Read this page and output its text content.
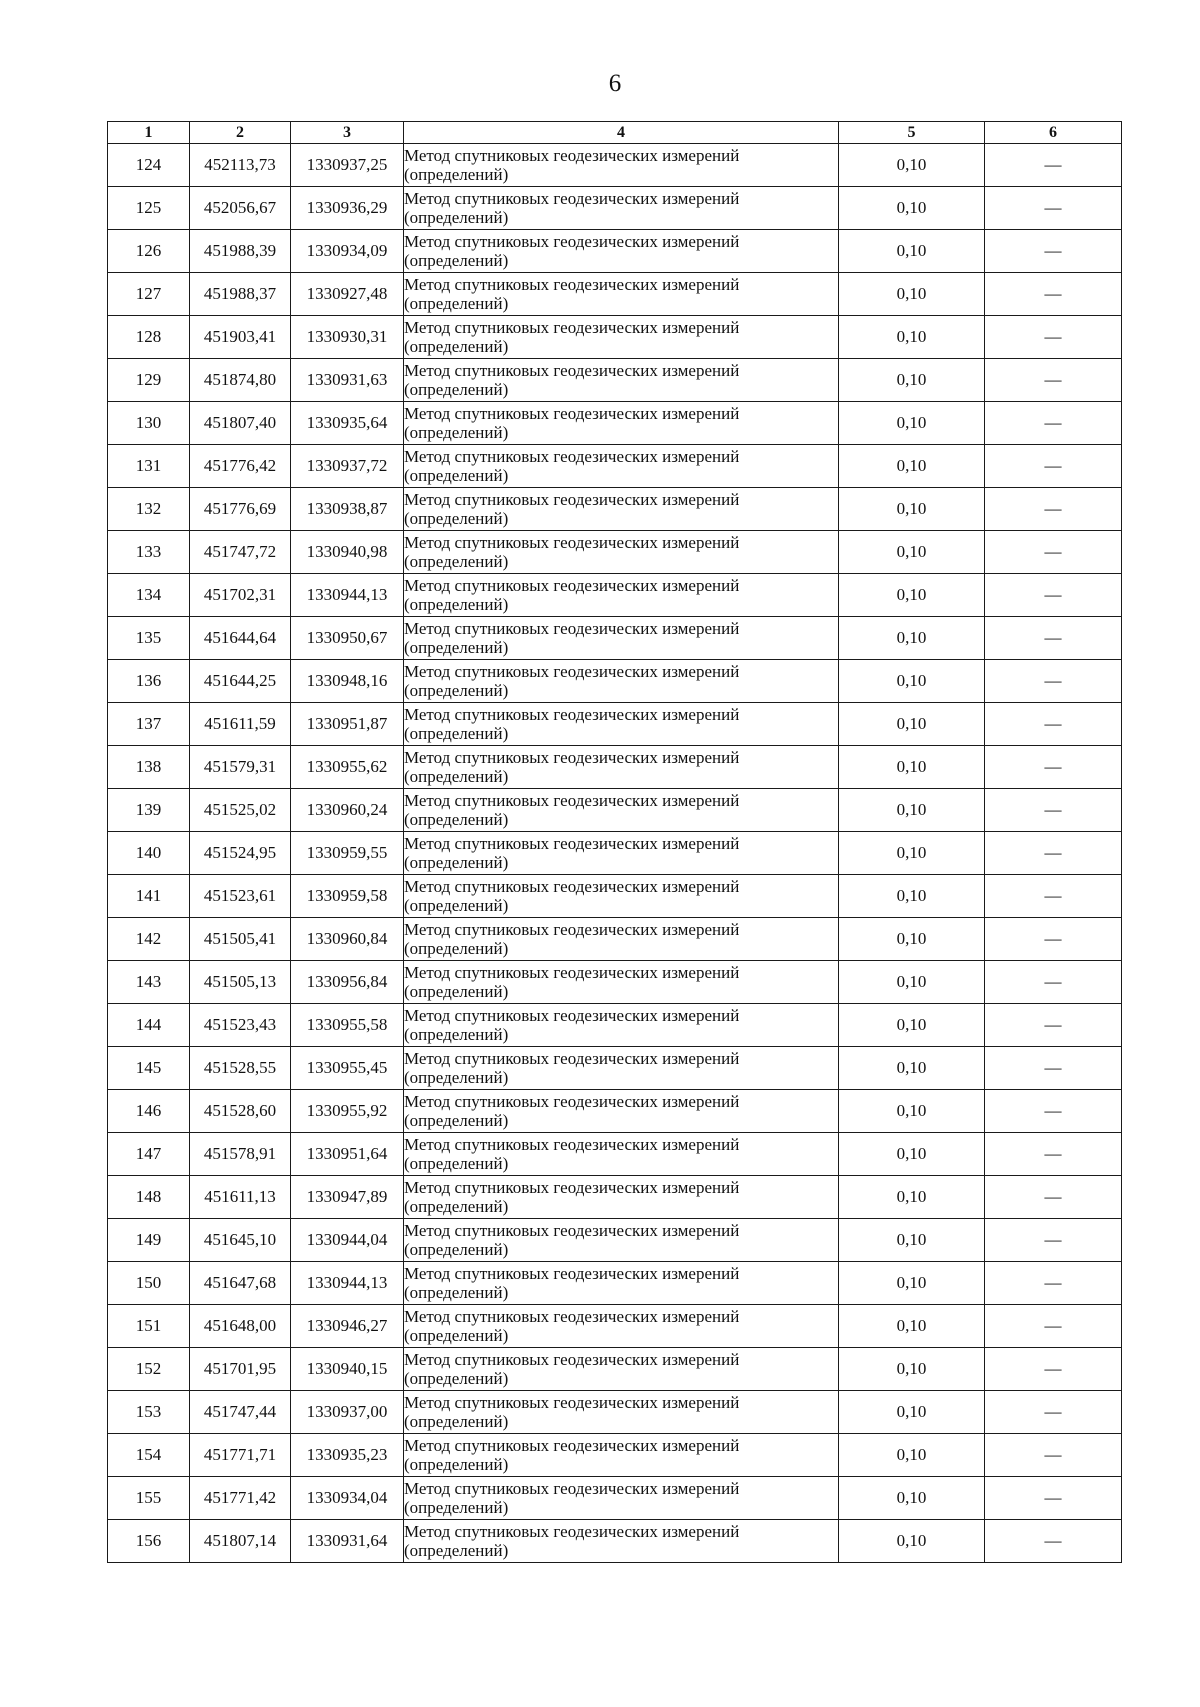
6
1	2	3	4	5	6
124	452113,73	1330937,25	Метод спутниковых геодезических измерений (определений)	0,10	—
125	452056,67	1330936,29	Метод спутниковых геодезических измерений (определений)	0,10	—
126	451988,39	1330934,09	Метод спутниковых геодезических измерений (определений)	0,10	—
127	451988,37	1330927,48	Метод спутниковых геодезических измерений (определений)	0,10	—
128	451903,41	1330930,31	Метод спутниковых геодезических измерений (определений)	0,10	—
129	451874,80	1330931,63	Метод спутниковых геодезических измерений (определений)	0,10	—
130	451807,40	1330935,64	Метод спутниковых геодезических измерений (определений)	0,10	—
131	451776,42	1330937,72	Метод спутниковых геодезических измерений (определений)	0,10	—
132	451776,69	1330938,87	Метод спутниковых геодезических измерений (определений)	0,10	—
133	451747,72	1330940,98	Метод спутниковых геодезических измерений (определений)	0,10	—
134	451702,31	1330944,13	Метод спутниковых геодезических измерений (определений)	0,10	—
135	451644,64	1330950,67	Метод спутниковых геодезических измерений (определений)	0,10	—
136	451644,25	1330948,16	Метод спутниковых геодезических измерений (определений)	0,10	—
137	451611,59	1330951,87	Метод спутниковых геодезических измерений (определений)	0,10	—
138	451579,31	1330955,62	Метод спутниковых геодезических измерений (определений)	0,10	—
139	451525,02	1330960,24	Метод спутниковых геодезических измерений (определений)	0,10	—
140	451524,95	1330959,55	Метод спутниковых геодезических измерений (определений)	0,10	—
141	451523,61	1330959,58	Метод спутниковых геодезических измерений (определений)	0,10	—
142	451505,41	1330960,84	Метод спутниковых геодезических измерений (определений)	0,10	—
143	451505,13	1330956,84	Метод спутниковых геодезических измерений (определений)	0,10	—
144	451523,43	1330955,58	Метод спутниковых геодезических измерений (определений)	0,10	—
145	451528,55	1330955,45	Метод спутниковых геодезических измерений (определений)	0,10	—
146	451528,60	1330955,92	Метод спутниковых геодезических измерений (определений)	0,10	—
147	451578,91	1330951,64	Метод спутниковых геодезических измерений (определений)	0,10	—
148	451611,13	1330947,89	Метод спутниковых геодезических измерений (определений)	0,10	—
149	451645,10	1330944,04	Метод спутниковых геодезических измерений (определений)	0,10	—
150	451647,68	1330944,13	Метод спутниковых геодезических измерений (определений)	0,10	—
151	451648,00	1330946,27	Метод спутниковых геодезических измерений (определений)	0,10	—
152	451701,95	1330940,15	Метод спутниковых геодезических измерений (определений)	0,10	—
153	451747,44	1330937,00	Метод спутниковых геодезических измерений (определений)	0,10	—
154	451771,71	1330935,23	Метод спутниковых геодезических измерений (определений)	0,10	—
155	451771,42	1330934,04	Метод спутниковых геодезических измерений (определений)	0,10	—
156	451807,14	1330931,64	Метод спутниковых геодезических измерений (определений)	0,10	—
